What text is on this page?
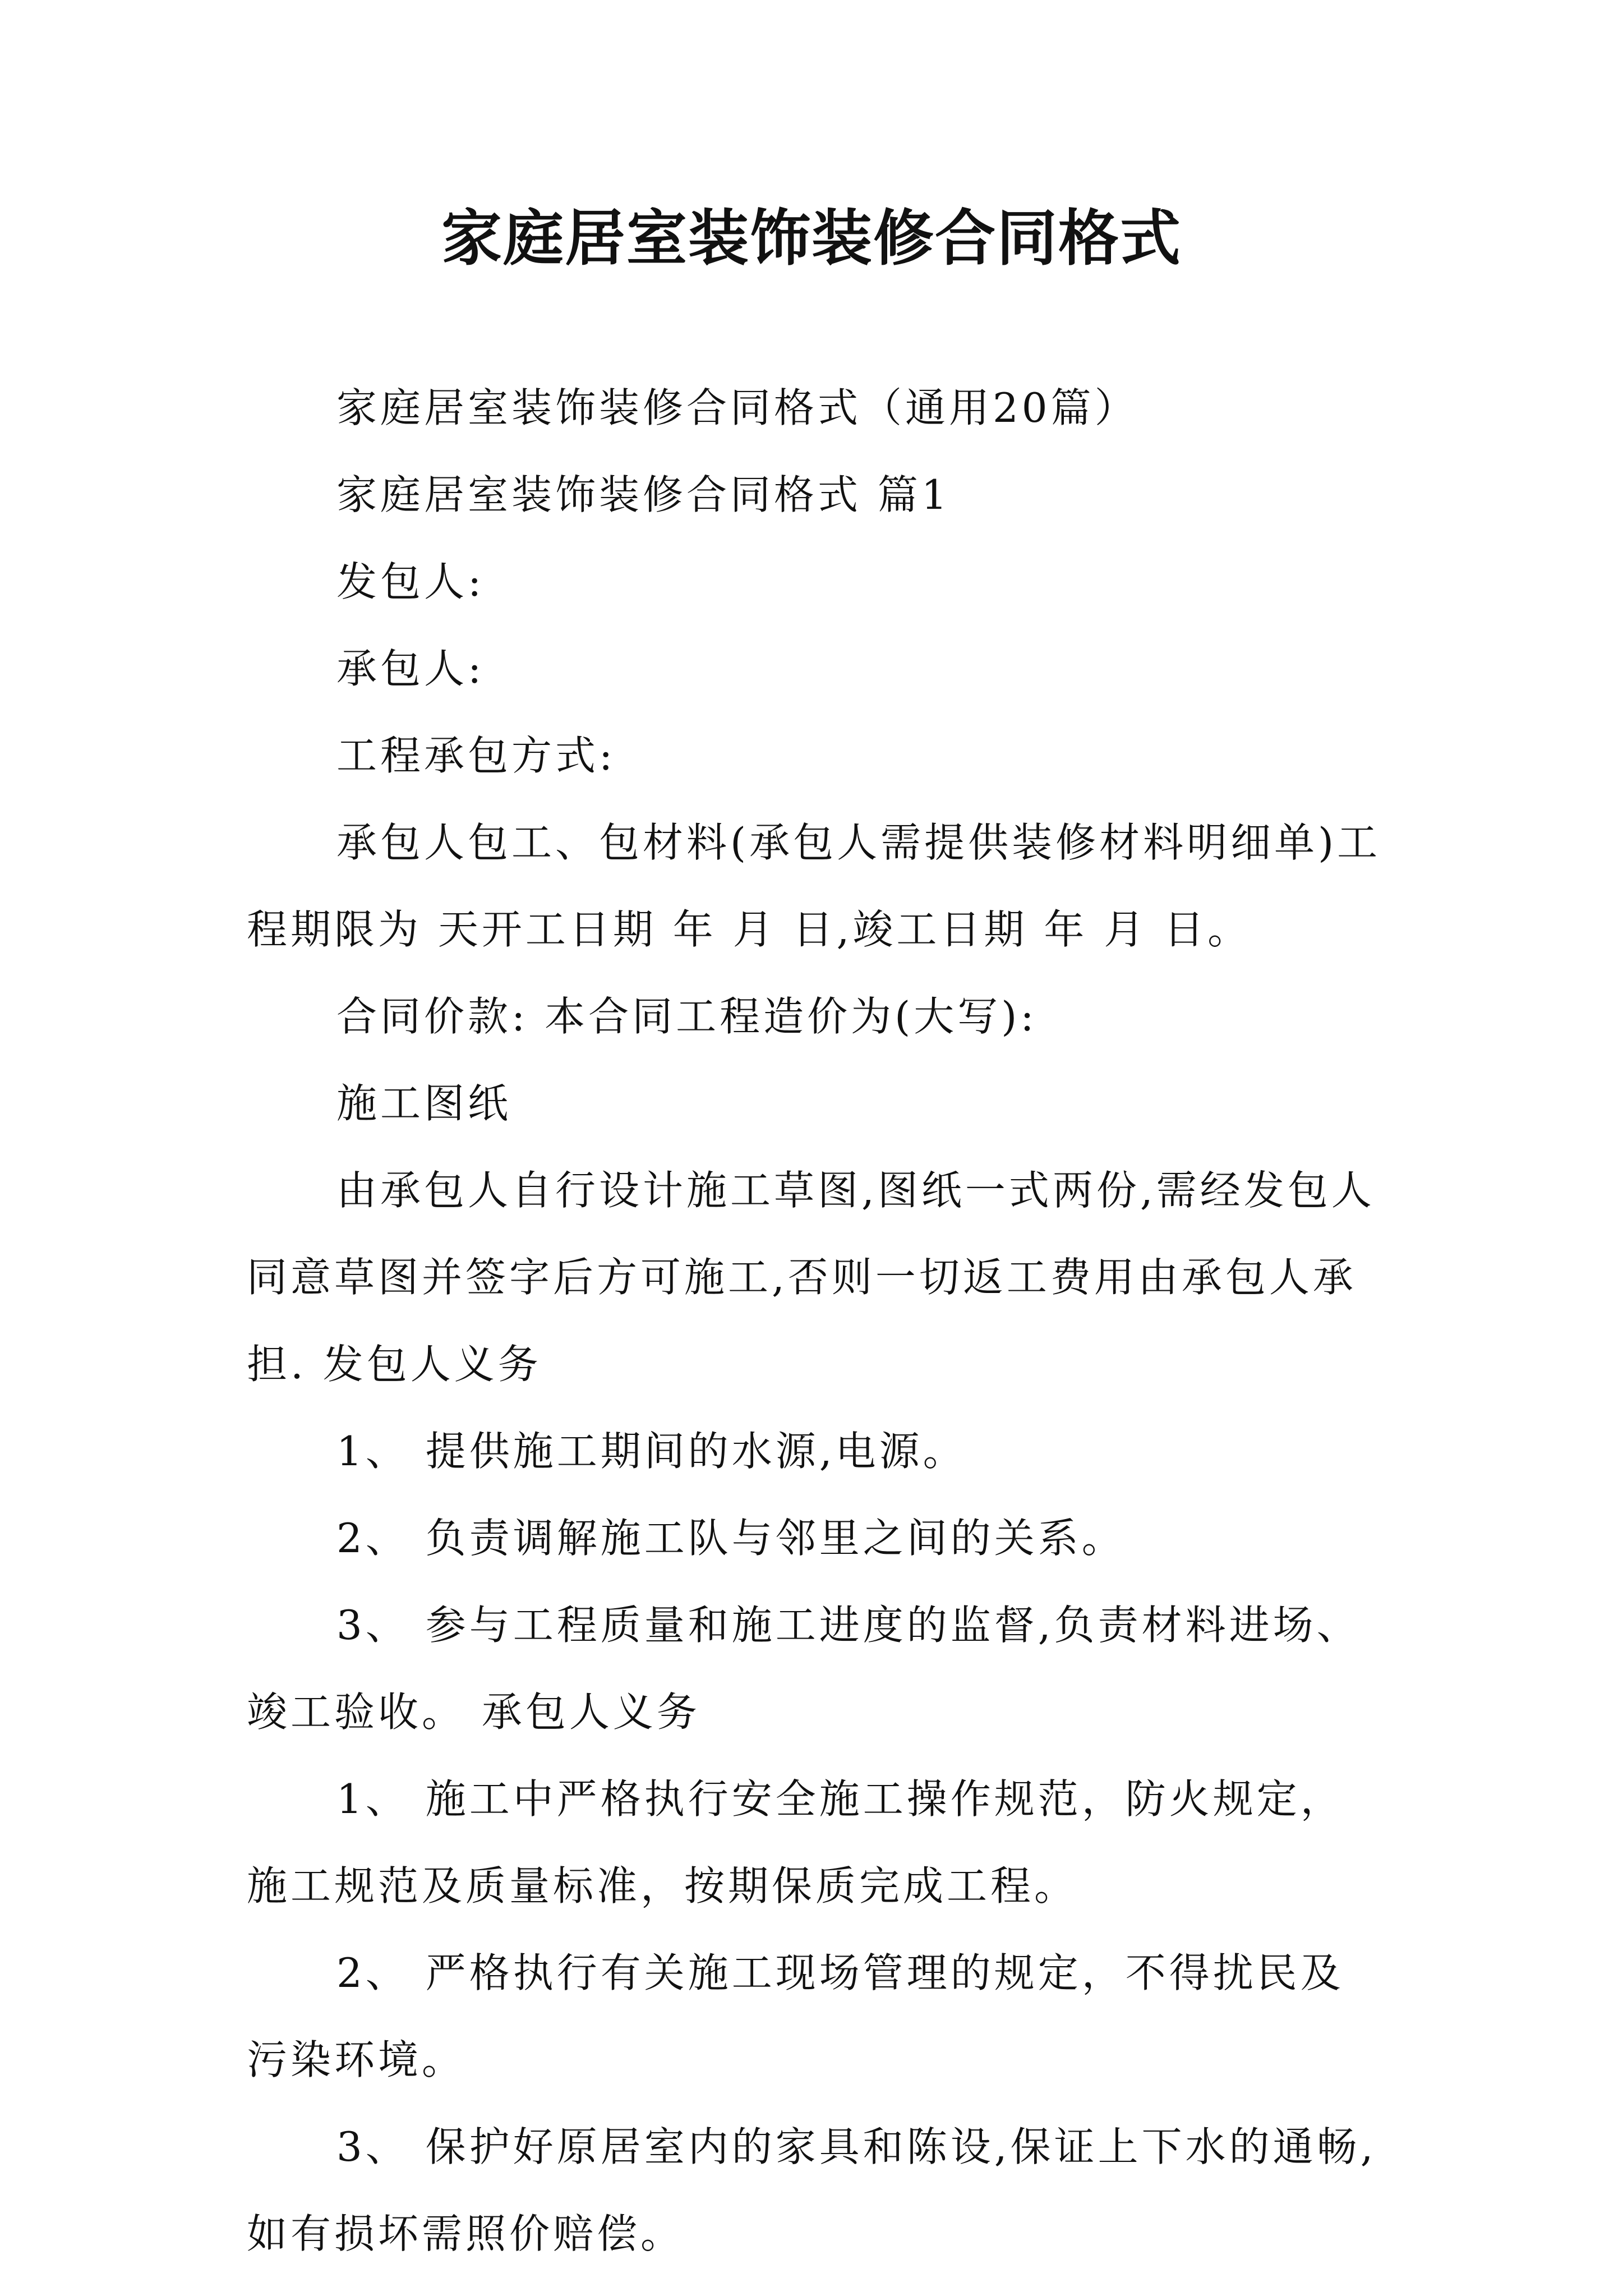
家庭居室装饰装修合同格式

家庭居室装饰装修合同格式（通用20篇）

家庭居室装饰装修合同格式 篇1

发包人:

承包人:

工程承包方式:

承包人包工、包材料(承包人需提供装修材料明细单)工程期限为 天开工日期 年 月 日,竣工日期 年 月 日。

合同价款: 本合同工程造价为(大写):

施工图纸

由承包人自行设计施工草图,图纸一式两份,需经发包人同意草图并签字后方可施工,否则一切返工费用由承包人承担. 发包人义务

1、 提供施工期间的水源,电源。

2、 负责调解施工队与邻里之间的关系。

3、 参与工程质量和施工进度的监督,负责材料进场、竣工验收。 承包人义务

1、 施工中严格执行安全施工操作规范，防火规定，施工规范及质量标准，按期保质完成工程。

2、 严格执行有关施工现场管理的规定，不得扰民及污染环境。

3、 保护好原居室内的家具和陈设,保证上下水的通畅,如有损坏需照价赔偿。
